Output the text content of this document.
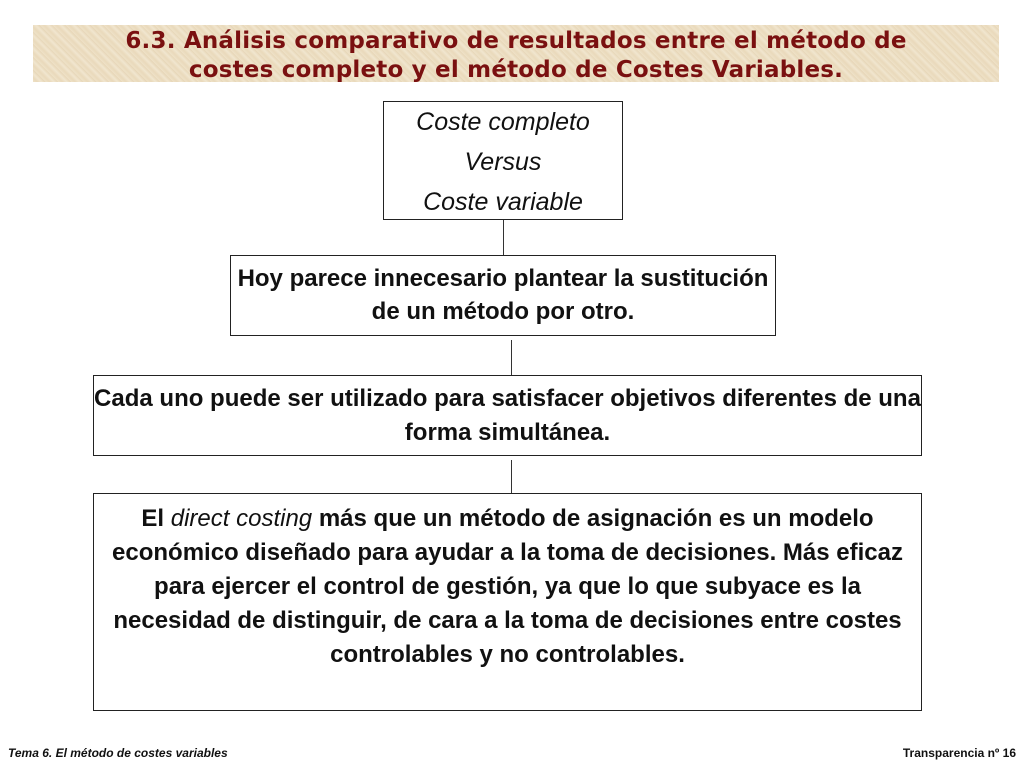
6.3. Análisis comparativo de resultados entre el método de
costes completo y el método de Costes Variables.
Coste completo
Versus
Coste variable
Hoy parece innecesario plantear la sustitución de un método por otro.
Cada uno puede ser utilizado para satisfacer objetivos diferentes de una forma simultánea.
El direct costing más que un método de asignación es un modelo económico diseñado para ayudar a la toma de decisiones. Más eficaz para ejercer el control de gestión, ya que lo que subyace es la necesidad de distinguir, de cara a la toma de decisiones entre costes controlables y no controlables.
Tema 6. El método de costes variables	Transparencia nº 16
